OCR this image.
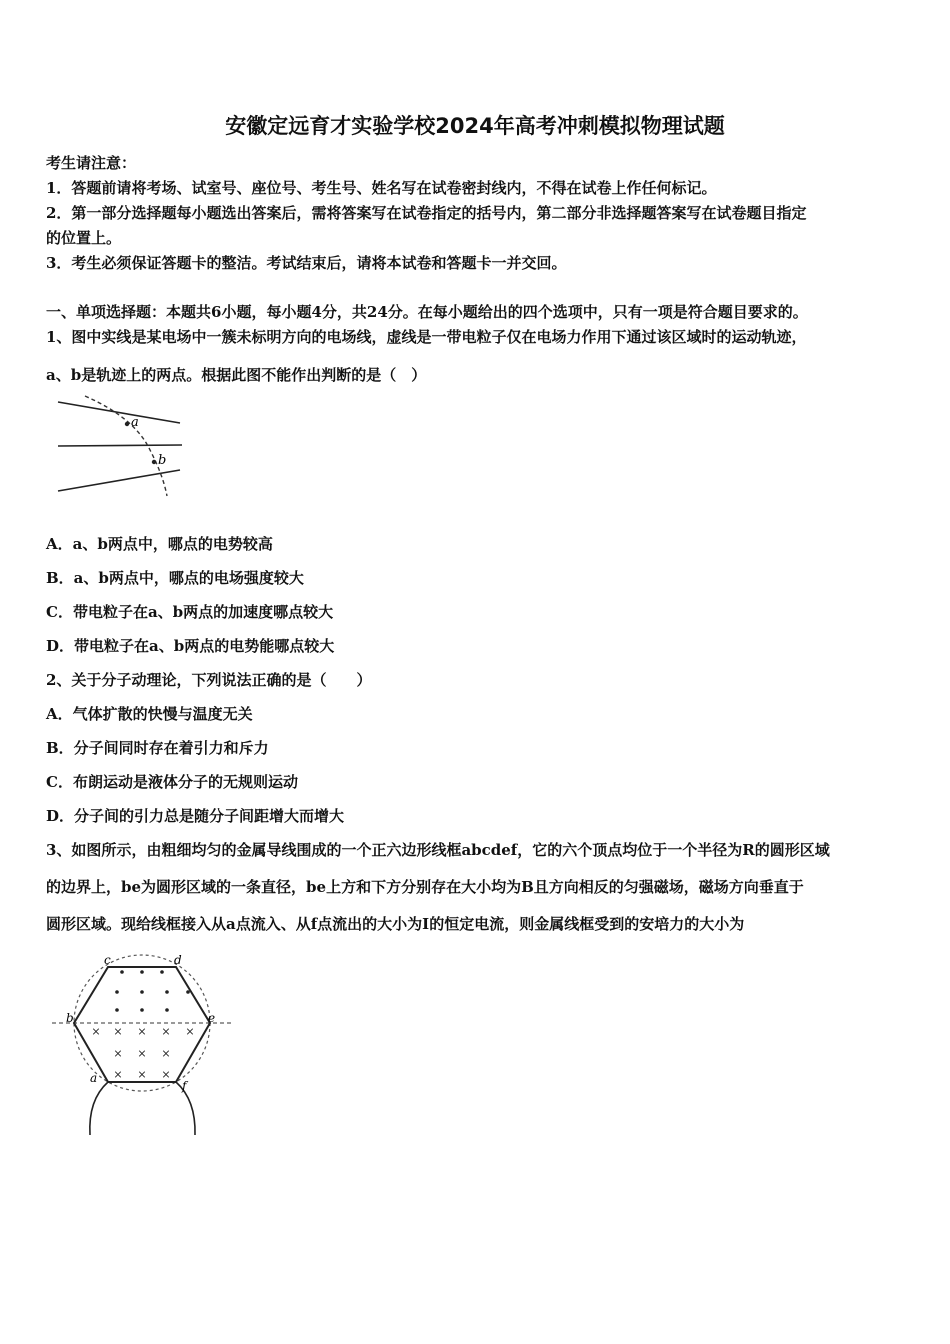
安徽定远育才实验学校2024年高考冲刺模拟物理试题
考生请注意：
1．答题前请将考场、试室号、座位号、考生号、姓名写在试卷密封线内，不得在试卷上作任何标记。
2．第一部分选择题每小题选出答案后，需将答案写在试卷指定的括号内，第二部分非选择题答案写在试卷题目指定
的位置上。
3．考生必须保证答题卡的整洁。考试结束后，请将本试卷和答题卡一并交回。
一、单项选择题：本题共6小题，每小题4分，共24分。在每小题给出的四个选项中，只有一项是符合题目要求的。
1、图中实线是某电场中一簇未标明方向的电场线，虚线是一带电粒子仅在电场力作用下通过该区域时的运动轨迹，
a、b是轨迹上的两点。根据此图不能作出判断的是（　）
a
b
A．a、b两点中，哪点的电势较高
B．a、b两点中，哪点的电场强度较大
C．带电粒子在a、b两点的加速度哪点较大
D．带电粒子在a、b两点的电势能哪点较大
2、关于分子动理论，下列说法正确的是（　　）
A．气体扩散的快慢与温度无关
B．分子间同时存在着引力和斥力
C．布朗运动是液体分子的无规则运动
D．分子间的引力总是随分子间距增大而增大
3、如图所示，由粗细均匀的金属导线围成的一个正六边形线框abcdef，它的六个顶点均位于一个半径为R的圆形区域
的边界上，be为圆形区域的一条直径，be上方和下方分别存在大小均为B且方向相反的匀强磁场，磁场方向垂直于
圆形区域。现给线框接入从a点流入、从f点流出的大小为I的恒定电流，则金属线框受到的安培力的大小为
× × × × ×
× × ×
× × ×
c	d
b	e
a
f
